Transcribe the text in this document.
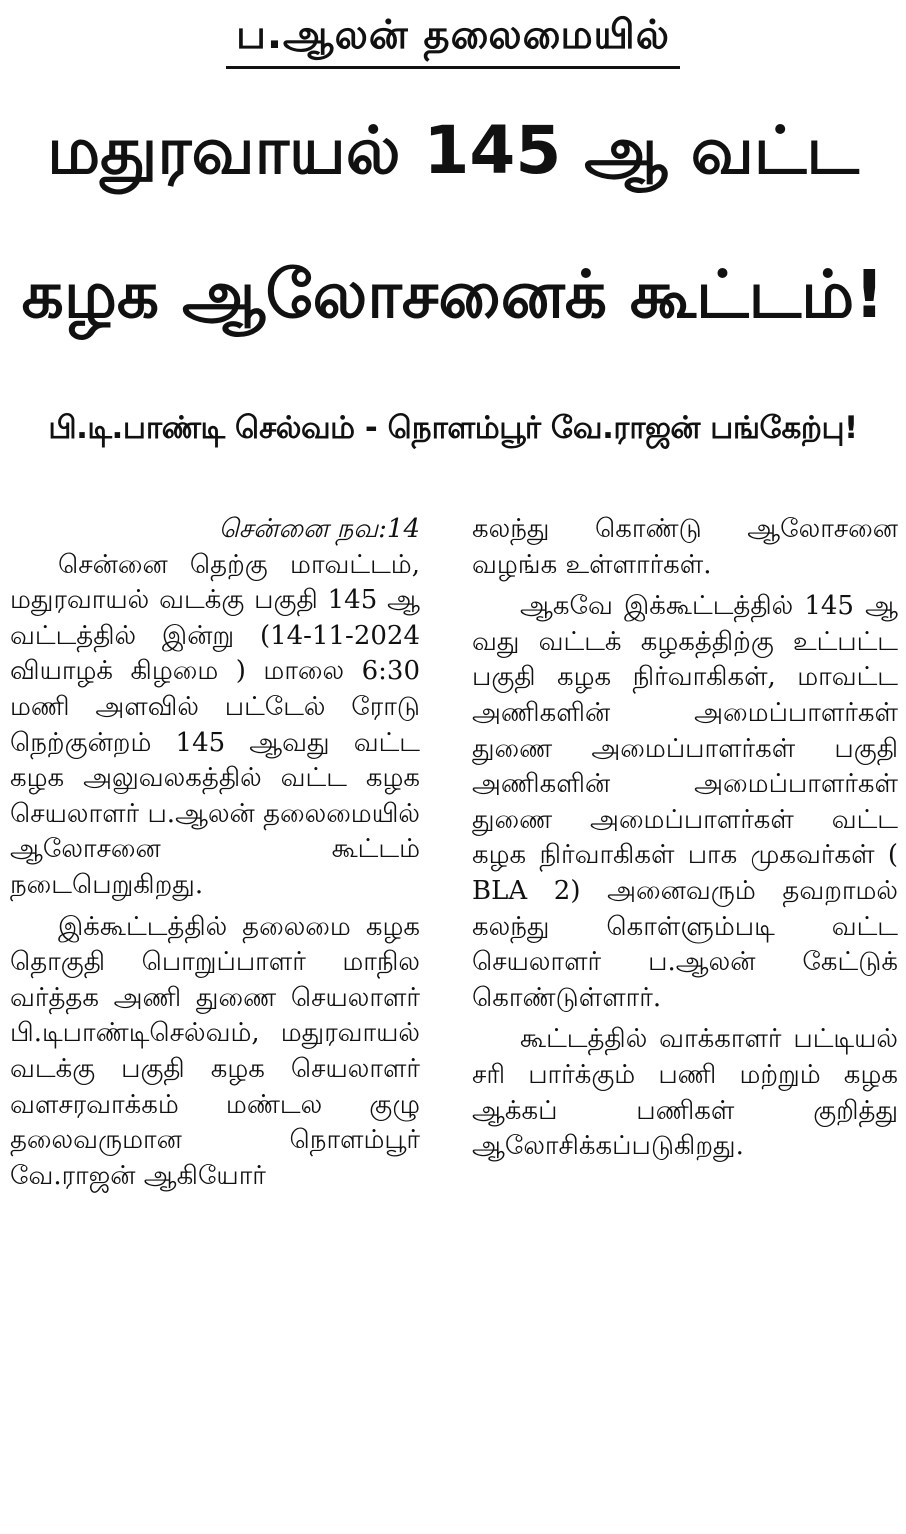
ப.ஆலன் தலைமையில்
மதுரவாயல் 145 ஆ வட்ட
கழக ஆலோசனைக் கூட்டம்!
பி.டி.பாண்டி செல்வம் - நொளம்பூர் வே.ராஜன் பங்கேற்பு!

சென்னை நவ:14

சென்னை தெற்கு மாவட்டம், மதுரவாயல் வடக்கு பகுதி 145 ஆ வட்டத்தில் இன்று (14-11-2024 வியாழக் கிழமை ) மாலை 6:30 மணி அளவில் பட்டேல் ரோடு நெற்குன்றம் 145 ஆவது வட்ட கழக அலுவலகத்தில் வட்ட கழக செயலாளர் ப.ஆலன் தலைமையில் ஆலோசனை கூட்டம் நடைபெறுகிறது.

இக்கூட்டத்தில் தலைமை கழக தொகுதி பொறுப்பாளர் மாநில வர்த்தக அணி துணை செயலாளர் பி.டிபாண்டிசெல்வம், மதுரவாயல் வடக்கு பகுதி கழக செயலாளர் வளசரவாக்கம் மண்டல குழு தலைவருமான நொளம்பூர் வே.ராஜன் ஆகியோர்

கலந்து கொண்டு ஆலோசனை வழங்க உள்ளார்கள்.

ஆகவே இக்கூட்டத்தில் 145 ஆ வது வட்டக் கழகத்திற்கு உட்பட்ட பகுதி கழக நிர்வாகிகள், மாவட்ட அணிகளின் அமைப்பாளர்கள் துணை அமைப்பாளர்கள் பகுதி அணிகளின் அமைப்பாளர்கள் துணை அமைப்பாளர்கள் வட்ட கழக நிர்வாகிகள் பாக முகவர்கள் ( BLA 2) அனைவரும் தவறாமல் கலந்து கொள்ளும்படி வட்ட செயலாளர் ப.ஆலன் கேட்டுக் கொண்டுள்ளார்.

கூட்டத்தில் வாக்காளர் பட்டியல் சரி பார்க்கும் பணி மற்றும் கழக ஆக்கப் பணிகள் குறித்து ஆலோசிக்கப்படுகிறது.
